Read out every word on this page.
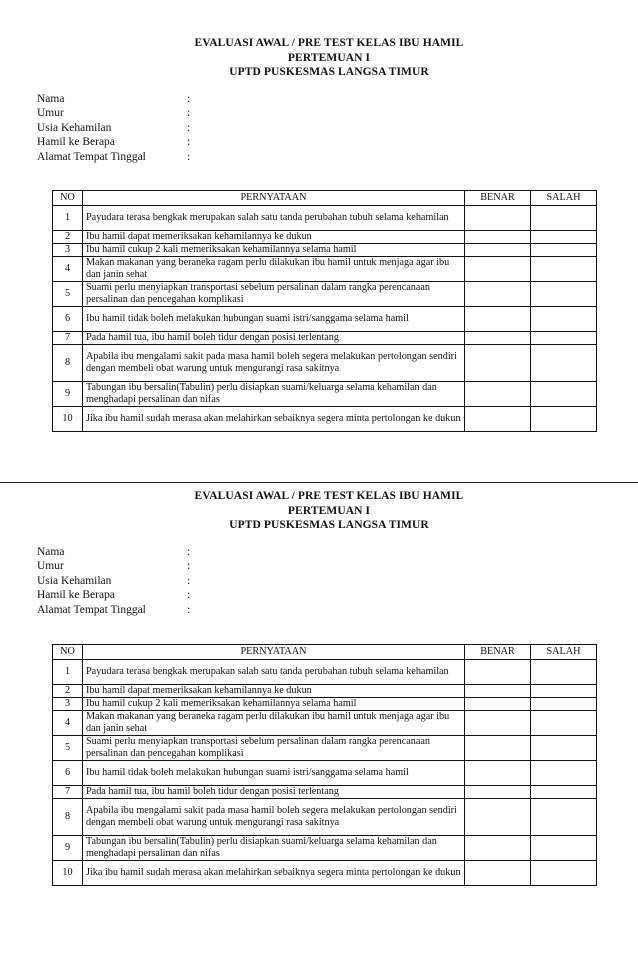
EVALUASI AWAL / PRE TEST KELAS IBU HAMIL
PERTEMUAN I
UPTD PUSKESMAS LANGSA TIMUR
Nama	:
Umur	:
Usia Kehamilan	:
Hamil ke Berapa	:
Alamat Tempat Tinggal	:
NO	PERNYATAAN	BENAR	SALAH
1	Payudara terasa bengkak merupakan salah satu tanda perubahan tubuh selama kehamilan		
2	Ibu hamil dapat memeriksakan kehamilannya ke dukun		
3	Ibu hamil cukup 2 kali memeriksakan kehamilannya selama hamil		
4	Makan makanan yang beraneka ragam perlu dilakukan ibu hamil untuk menjaga agar ibu dan janin sehat		
5	Suami perlu menyiapkan transportasi sebelum persalinan dalam rangka perencanaan persalinan dan pencegahan komplikasi		
6	Ibu hamil tidak boleh melakukan hubungan suami istri/sanggama selama hamil		
7	Pada hamil tua, ibu hamil boleh tidur dengan posisi terlentang		
8	Apabila ibu mengalami sakit pada masa hamil boleh segera melakukan pertolongan sendiri dengan membeli obat warung untuk mengurangi rasa sakitnya		
9	Tabungan ibu bersalin(Tabulin) perlu disiapkan suami/keluarga selama kehamilan dan menghadapi persalinan dan nifas		
10	Jika ibu hamil sudah merasa akan melahirkan sebaiknya segera minta pertolongan ke dukun		
EVALUASI AWAL / PRE TEST KELAS IBU HAMIL
PERTEMUAN I
UPTD PUSKESMAS LANGSA TIMUR
Nama	:
Umur	:
Usia Kehamilan	:
Hamil ke Berapa	:
Alamat Tempat Tinggal	:
NO	PERNYATAAN	BENAR	SALAH
1	Payudara terasa bengkak merupakan salah satu tanda perubahan tubuh selama kehamilan		
2	Ibu hamil dapat memeriksakan kehamilannya ke dukun		
3	Ibu hamil cukup 2 kali memeriksakan kehamilannya selama hamil		
4	Makan makanan yang beraneka ragam perlu dilakukan ibu hamil untuk menjaga agar ibu dan janin sehat		
5	Suami perlu menyiapkan transportasi sebelum persalinan dalam rangka perencanaan persalinan dan pencegahan komplikasi		
6	Ibu hamil tidak boleh melakukan hubungan suami istri/sanggama selama hamil		
7	Pada hamil tua, ibu hamil boleh tidur dengan posisi terlentang		
8	Apabila ibu mengalami sakit pada masa hamil boleh segera melakukan pertolongan sendiri dengan membeli obat warung untuk mengurangi rasa sakitnya		
9	Tabungan ibu bersalin(Tabulin) perlu disiapkan suami/keluarga selama kehamilan dan menghadapi persalinan dan nifas		
10	Jika ibu hamil sudah merasa akan melahirkan sebaiknya segera minta pertolongan ke dukun		
